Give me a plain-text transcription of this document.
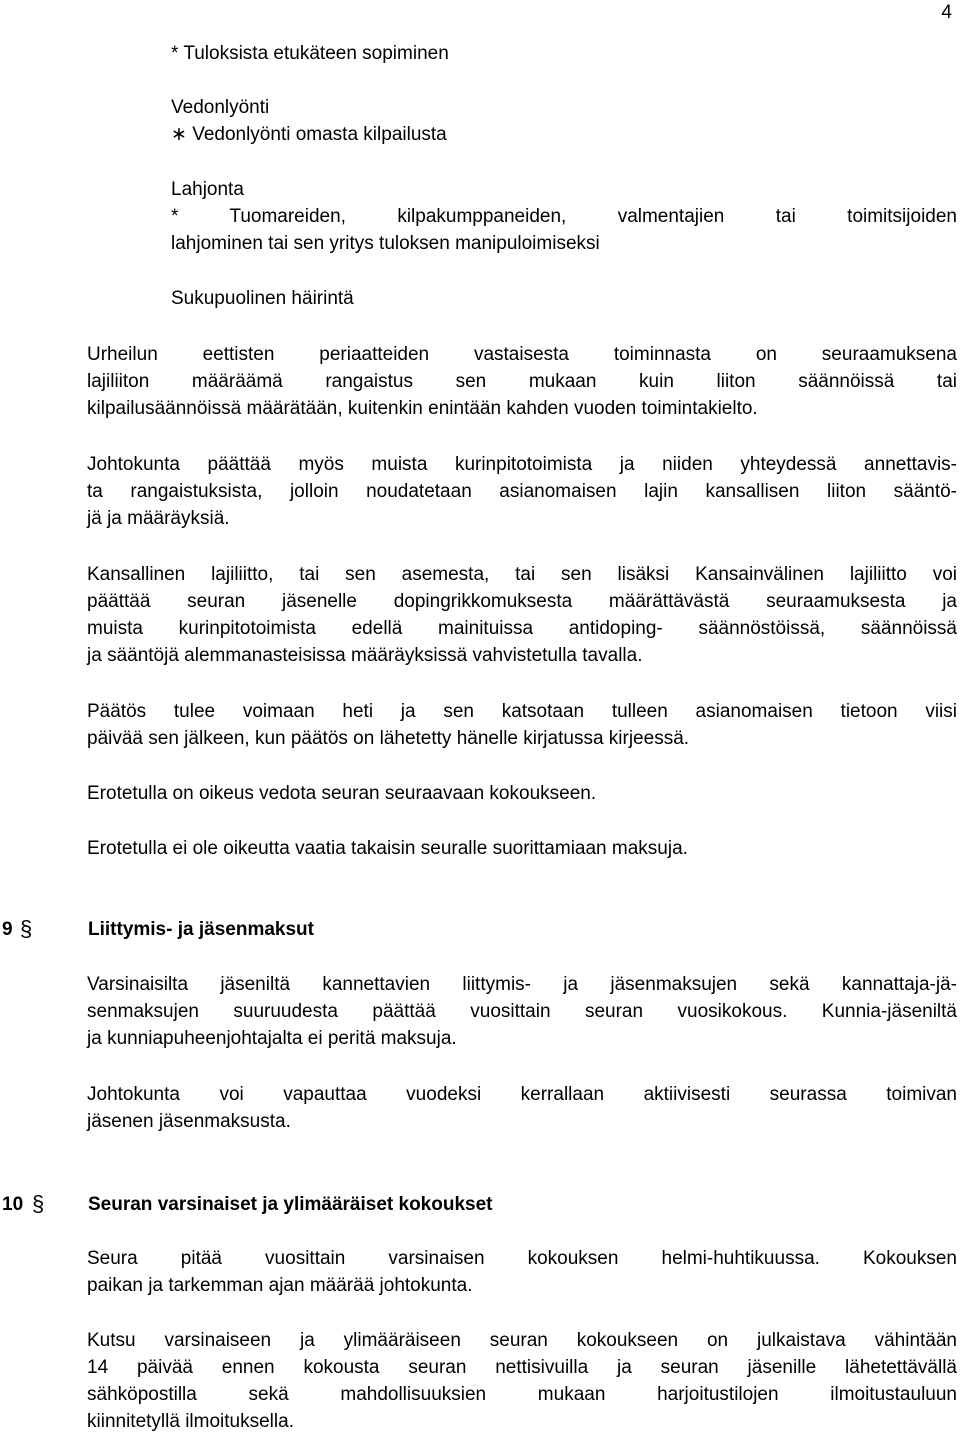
4
* Tuloksista etukäteen sopiminen
Vedonlyönti
∗ Vedonlyönti omasta kilpailusta
Lahjonta
* Tuomareiden, kilpakumppaneiden, valmentajien tai toimitsijoiden
lahjominen tai sen yritys tuloksen manipuloimiseksi
Sukupuolinen häirintä
Urheilun eettisten periaatteiden vastaisesta toiminnasta on seuraamuksena
lajiliiton määräämä rangaistus sen mukaan kuin liiton säännöissä tai
kilpailusäännöissä määrätään, kuitenkin enintään kahden vuoden toimintakielto.
Johtokunta päättää myös muista kurinpitotoimista ja niiden yhteydessä annettavis-
ta rangaistuksista, jolloin noudatetaan asianomaisen lajin kansallisen liiton sääntö-
jä ja määräyksiä.
Kansallinen lajiliitto, tai sen asemesta, tai sen lisäksi Kansainvälinen lajiliitto voi
päättää seuran jäsenelle dopingrikkomuksesta määrättävästä seuraamuksesta ja
muista kurinpitotoimista edellä mainituissa antidoping- säännöstöissä, säännöissä
ja sääntöjä alemmanasteisissa määräyksissä vahvistetulla tavalla.
Päätös tulee voimaan heti ja sen katsotaan tulleen asianomaisen tietoon viisi
päivää sen jälkeen, kun päätös on lähetetty hänelle kirjatussa kirjeessä.
Erotetulla on oikeus vedota seuran seuraavaan kokoukseen.
Erotetulla ei ole oikeutta vaatia takaisin seuralle suorittamiaan maksuja.
9 §	Liittymis- ja jäsenmaksut
Varsinaisilta jäseniltä kannettavien liittymis- ja jäsenmaksujen sekä kannattaja-jä-
senmaksujen suuruudesta päättää vuosittain seuran vuosikokous. Kunnia-jäseniltä
ja kunniapuheenjohtajalta ei peritä maksuja.
Johtokunta voi vapauttaa vuodeksi kerrallaan aktiivisesti seurassa toimivan
jäsenen jäsenmaksusta.
10 § Seuran varsinaiset ja ylimääräiset kokoukset
Seura pitää vuosittain varsinaisen kokouksen helmi-huhtikuussa. Kokouksen
paikan ja tarkemman ajan määrää johtokunta.
Kutsu varsinaiseen ja ylimääräiseen seuran kokoukseen on julkaistava vähintään
14 päivää ennen kokousta seuran nettisivuilla ja seuran jäsenille lähetettävällä
sähköpostilla sekä mahdollisuuksien mukaan harjoitustilojen ilmoitustauluun
kiinnitetyllä ilmoituksella.
